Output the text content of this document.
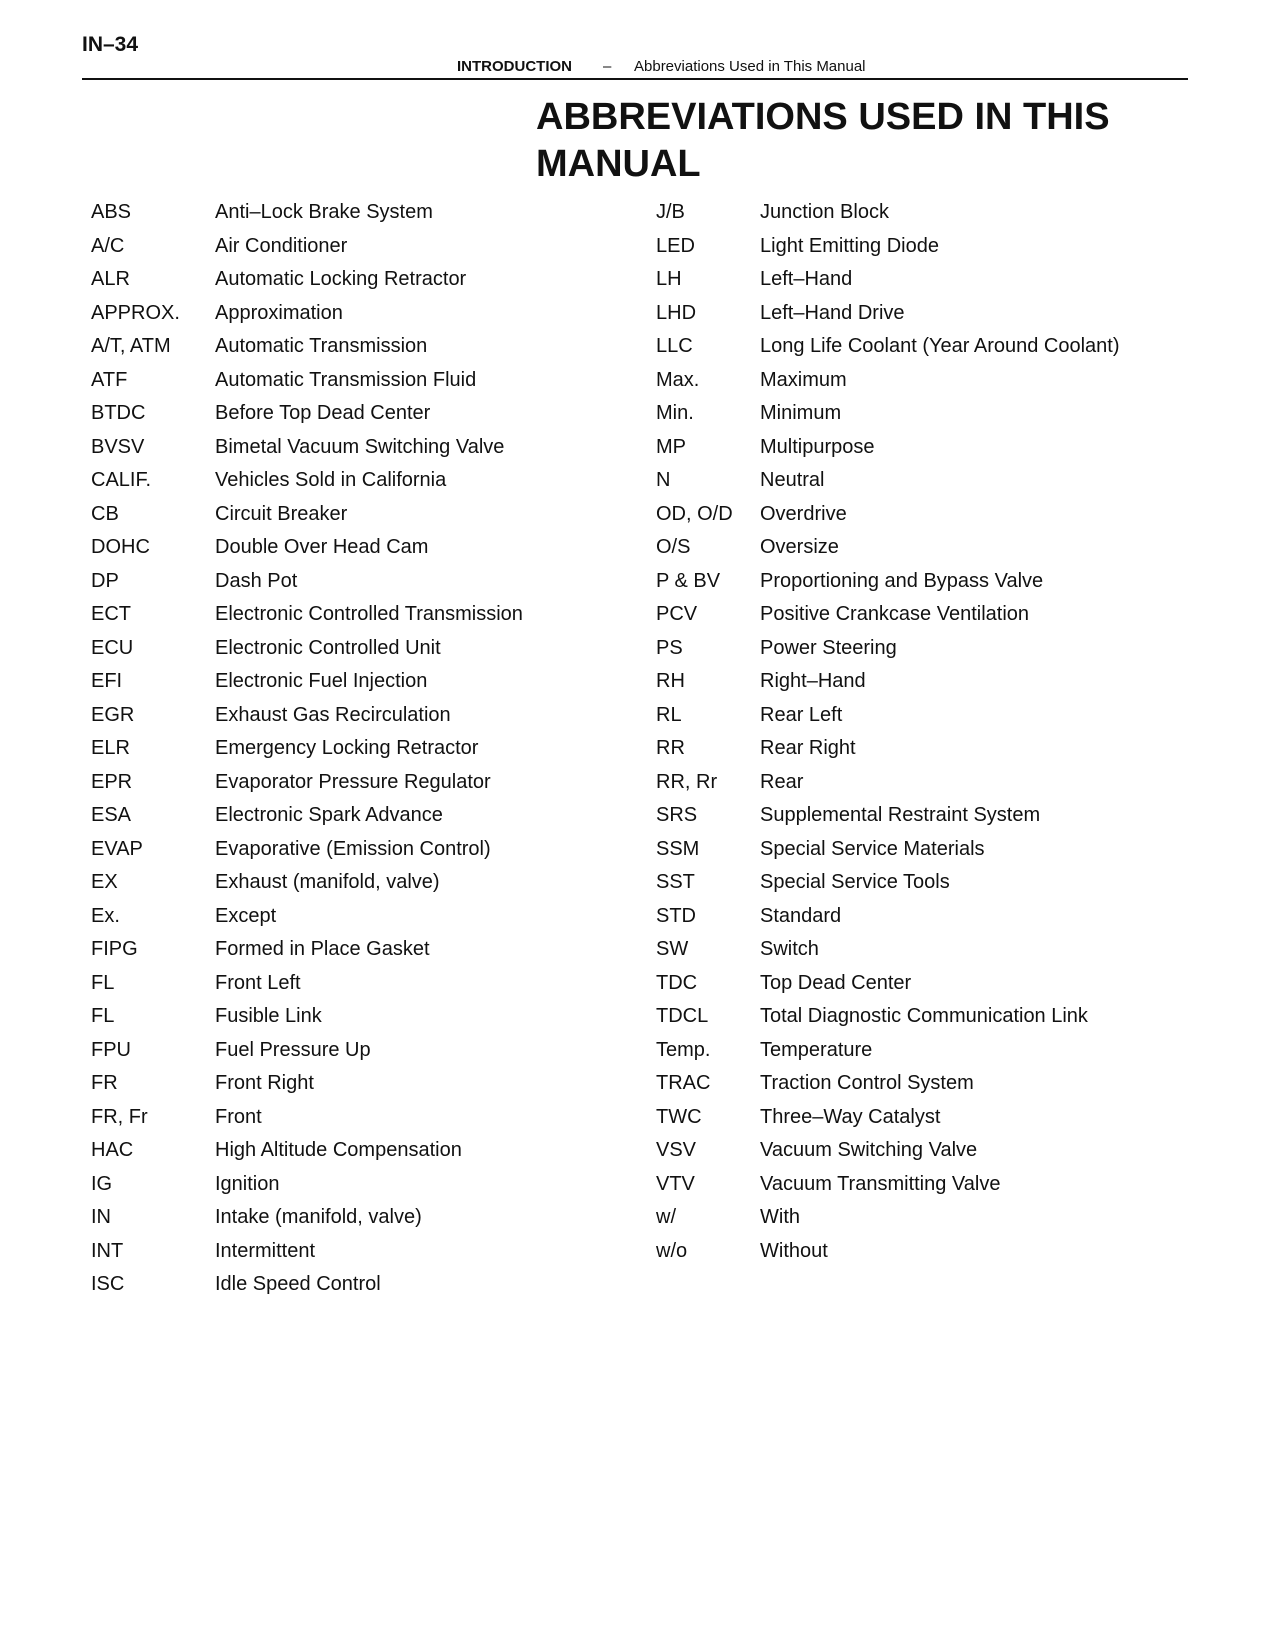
IN–34
INTRODUCTION – Abbreviations Used in This Manual
ABBREVIATIONS USED IN THIS MANUAL
ABS	Anti–Lock Brake System
A/C	Air Conditioner
ALR	Automatic Locking Retractor
APPROX. Approximation
A/T, ATM Automatic Transmission
ATF	Automatic Transmission Fluid
BTDC	Before Top Dead Center
BVSV	Bimetal Vacuum Switching Valve
CALIF.	Vehicles Sold in California
CB	Circuit Breaker
DOHC	Double Over Head Cam
DP	Dash Pot
ECT	Electronic Controlled Transmission
ECU	Electronic Controlled Unit
EFI	Electronic Fuel Injection
EGR	Exhaust Gas Recirculation
ELR	Emergency Locking Retractor
EPR	Evaporator Pressure Regulator
ESA	Electronic Spark Advance
EVAP	Evaporative (Emission Control)
EX	Exhaust (manifold, valve)
Ex.	Except
FIPG	Formed in Place Gasket
FL	Front Left
FL	Fusible Link
FPU	Fuel Pressure Up
FR	Front Right
FR, Fr	Front
HAC	High Altitude Compensation
IG	Ignition
IN	Intake (manifold, valve)
INT	Intermittent
ISC	Idle Speed Control
J/B	Junction Block
LED	Light Emitting Diode
LH	Left–Hand
LHD	Left–Hand Drive
LLC	Long Life Coolant (Year Around Coolant)
Max.	Maximum
Min.	Minimum
MP	Multipurpose
N	Neutral
OD, O/D Overdrive
O/S	Oversize
P & BV Proportioning and Bypass Valve
PCV	Positive Crankcase Ventilation
PS	Power Steering
RH	Right–Hand
RL	Rear Left
RR	Rear Right
RR, Rr Rear
SRS	Supplemental Restraint System
SSM	Special Service Materials
SST	Special Service Tools
STD	Standard
SW	Switch
TDC	Top Dead Center
TDCL	Total Diagnostic Communication Link
Temp. Temperature
TRAC Traction Control System
TWC	Three–Way Catalyst
VSV	Vacuum Switching Valve
VTV	Vacuum Transmitting Valve
w/	With
w/o	Without
